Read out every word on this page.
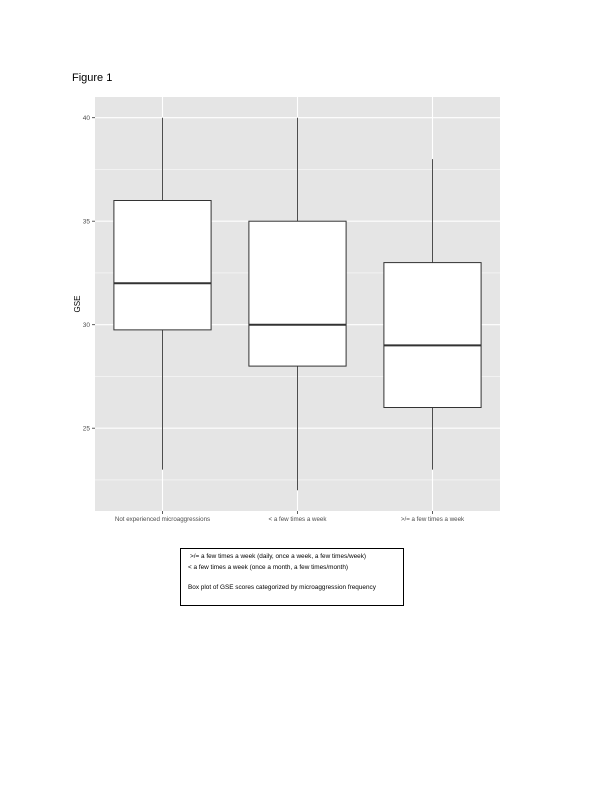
Figure 1

25
30
35
40
Not experienced microaggressions	< a few times a week	>/= a few times a week
GSE
>/= a few times a week (daily, once a week, a few times/week)
< a few times a week (once a month, a few times/month)
Box plot of GSE scores categorized by microaggression frequency
